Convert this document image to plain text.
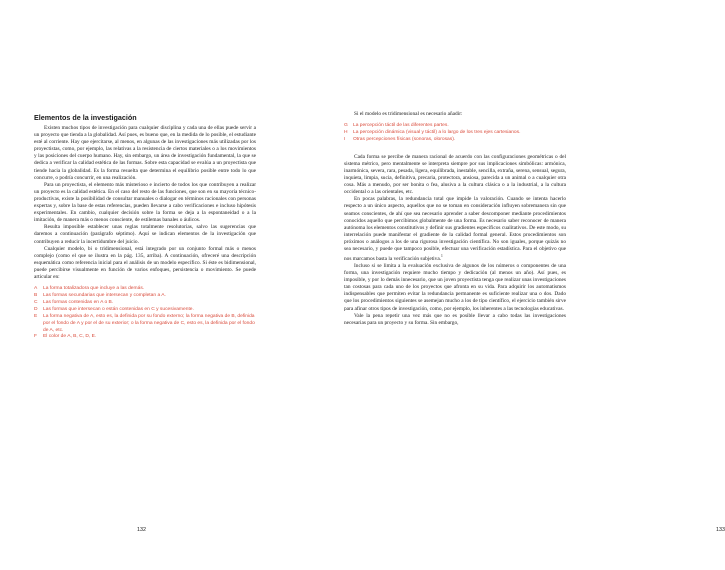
Elementos de la investigación

Existen muchos tipos de investigación para cualquier disciplina y cada una de ellas puede servir a un proyecto que tienda a la globalidad. Así pues, es bueno que, en la medida de lo posible, el estudiante esté al corriente. Hay que ejercitarse, al menos, en algunas de las investigaciones más utilizadas por los proyectistas, como, por ejemplo, las relativas a la resistencia de ciertos materiales o a los movimientos y las posiciones del cuerpo humano. Hay, sin embargo, un área de investigación fundamental, la que se dedica a verificar la calidad estética de las formas. Sobre esta capacidad se evalúa a un proyectista que tiende hacia la globalidad. Es la forma resuelta que determina el equilibrio posible entre todo lo que concurre, o podría concurrir, en una realización.

Para un proyectista, el elemento más misterioso e incierto de todos los que contribuyen a realizar un proyecto es la calidad estética. En el caso del resto de las funciones, que son en su mayoría técnico-productivas, existe la posibilidad de consultar manuales o dialogar en términos racionales con personas expertas y, sobre la base de estas referencias, pueden llevarse a cabo verificaciones e incluso hipótesis experimentales. En cambio, cualquier decisión sobre la forma se deja a la espontaneidad o a la imitación, de manera más o menos consciente, de estilemas banales o áulicos.

Resulta imposible establecer unas reglas totalmente resolutorias, salvo las sugerencias que daremos a continuación (parágrafo séptimo). Aquí se indican elementos de la investigación que contribuyen a reducir la incertidumbre del juicio.

Cualquier modelo, bi o tridimensional, está integrado por un conjunto formal más o menos complejo (como el que se ilustra en la pág. 135, arriba). A continuación, ofreceré una descripción esquemática como referencia inicial para el análisis de un modelo específico. Si éste es bidimensional, puede percibirse visualmente en función de varios enfoques, persistencia o movimiento. Se puede articular en:

A	La forma totalizadora que incluye a las demás.
B	Las formas secundarias que intersecan y completan a A.
C	Las formas contenidas en A o B.
D	Las formas que intersecan o están contenidas en C y sucesivamente.
E	La forma negativa de A, esto es, la definida por su fondo externo; la forma negativa de B, definida por el fondo de A y por el de su exterior; o la forma negativa de C, esto es, la definida por el fondo de A, etc.
F	El color de A, B, C, D, E.
132

Si el modelo es tridimensional es necesario añadir:

G	La percepción táctil de las diferentes partes.
H	La percepción dinámica (visual y táctil) a lo largo de los tres ejes cartesianos.
I	Otras percepciones físicas (sonoras, olorosas).

Cada forma se percibe de manera racional de acuerdo con las configuraciones geométricas o del sistema métrico, pero mentalmente se interpreta siempre por sus implicaciones simbólicas: armónica, inarmónica, severa, rara, pesada, ligera, equilibrada, inestable, sencilla, extraña, serena, sensual, segura, inquieta, limpia, sucia, definitiva, precaria, protectora, ansiosa, parecida a un animal o a cualquier otra cosa. Más a menudo, por ser bonita o fea, alusiva a la cultura clásica o a la industrial, a la cultura occidental o a las orientales, etc.

En pocas palabras, la redundancia total que impide la valoración. Cuando se intenta hacerlo respecto a un único aspecto, aquellos que no se toman en consideración influyen sobremanera sin que seamos conscientes, de ahí que sea necesario aprender a saber descomponer mediante procedimientos conocidos aquello que percibimos globalmente de una forma. Es necesario saber reconocer de manera autónoma los elementos constitutivos y definir sus gradientes específicos cualitativos. De este modo, su interrelación puede manifestar el gradiente de la calidad formal general. Estos procedimientos son próximos o análogos a los de una rigurosa investigación científica. No son iguales, porque quizás no sea necesario, y puede que tampoco posible, efectuar una verificación estadística. Para el objetivo que nos marcamos basta la verificación subjetiva.$^1$

Incluso si se limita a la evaluación exclusiva de algunos de los números o componentes de una forma, una investigación requiere mucho tiempo y dedicación (al menos un año). Así pues, es imposible, y por lo demás innecesario, que un joven proyectista tenga que realizar unas investigaciones tan costosas para cada uno de los proyectos que afronta en su vida. Para adquirir los automatismos indispensables que permiten evitar la redundancia permanente es suficiente realizar una o dos. Dado que los procedimientos siguientes se asemejan mucho a los de tipo científico, el ejercicio también sirve para afinar otros tipos de investigación, como, por ejemplo, los inherentes a las tecnologías educativas.

Vale la pena repetir una vez más que no es posible llevar a cabo todas las investigaciones necesarias para un proyecto y su forma. Sin embargo,

133
